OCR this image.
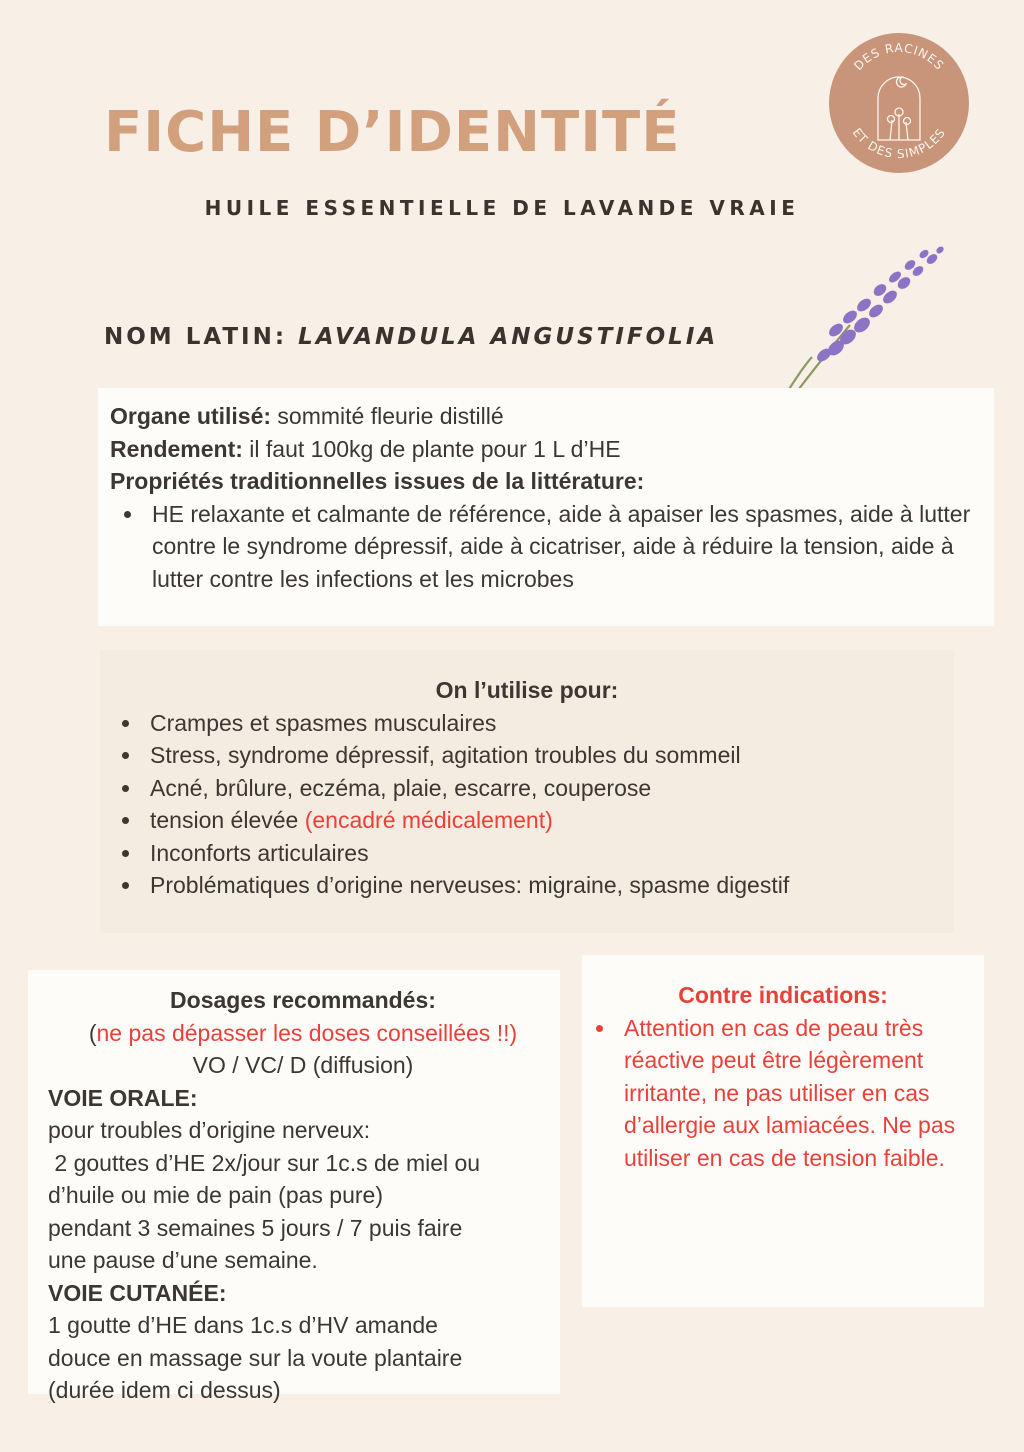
FICHE D’IDENTITÉ
HUILE ESSENTIELLE DE LAVANDE VRAIE
DES RACINES
ET DES SIMPLES
NOM LATIN: LAVANDULA ANGUSTIFOLIA
Organe utilisé: sommité fleurie distillé
Rendement: il faut 100kg de plante pour 1 L d’HE
Propriétés traditionnelles issues de la littérature:
HE relaxante et calmante de référence, aide à apaiser les spasmes, aide à lutter contre le syndrome dépressif, aide à cicatriser, aide à réduire la tension, aide à lutter contre les infections et les microbes
On l’utilise pour:
Crampes et spasmes musculaires
Stress, syndrome dépressif, agitation troubles du sommeil
Acné, brûlure, eczéma, plaie, escarre, couperose
tension élevée (encadré médicalement)
Inconforts articulaires
Problématiques d’origine nerveuses: migraine, spasme digestif
Dosages recommandés:
(ne pas dépasser les doses conseillées !!)
VO / VC/ D (diffusion)
VOIE ORALE:
pour troubles d’origine nerveux:
2 gouttes d’HE 2x/jour sur 1c.s de miel ou
d’huile ou mie de pain (pas pure)
pendant 3 semaines 5 jours / 7 puis faire
une pause d’une semaine.
VOIE CUTANÉE:
1 goutte d’HE dans 1c.s d’HV amande
douce en massage sur la voute plantaire
(durée idem ci dessus)
Contre indications:
Attention en cas de peau très réactive peut être légèrement irritante, ne pas utiliser en cas d’allergie aux lamiacées. Ne pas utiliser en cas de tension faible.
